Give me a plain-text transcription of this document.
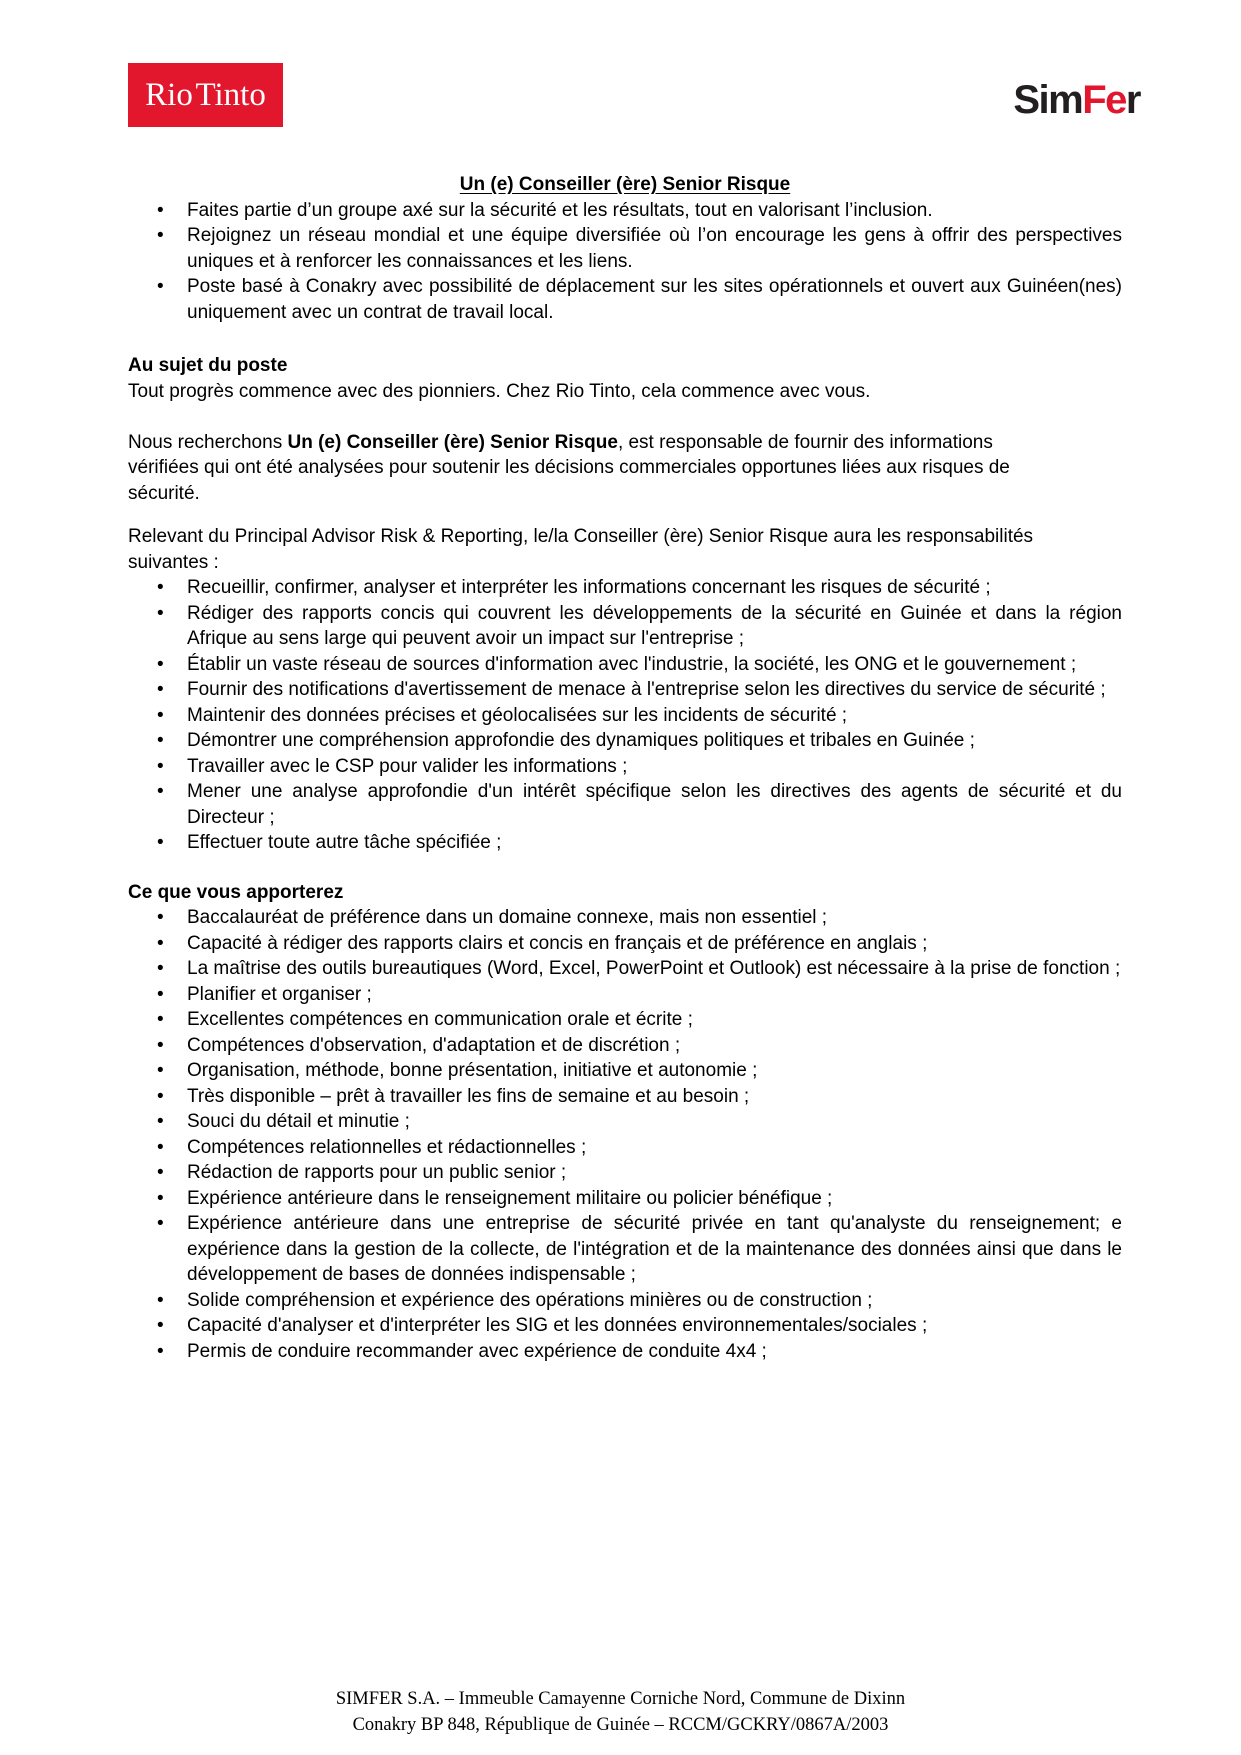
Rio Tinto	SimFer
Un (e) Conseiller (ère) Senior Risque
• Faites partie d’un groupe axé sur la sécurité et les résultats, tout en valorisant l’inclusion.
• Rejoignez un réseau mondial et une équipe diversifiée où l’on encourage les gens à offrir des perspectives uniques et à renforcer les connaissances et les liens.
• Poste basé à Conakry avec possibilité de déplacement sur les sites opérationnels et ouvert aux Guinéen(nes) uniquement avec un contrat de travail local.
Au sujet du poste

Tout progrès commence avec des pionniers. Chez Rio Tinto, cela commence avec vous.

Nous recherchons Un (e) Conseiller (ère) Senior Risque, est responsable de fournir des informations
vérifiées qui ont été analysées pour soutenir les décisions commerciales opportunes liées aux risques de
sécurité.
Relevant du Principal Advisor Risk & Reporting, le/la Conseiller (ère) Senior Risque aura les responsabilités
suivantes :
• Recueillir, confirmer, analyser et interpréter les informations concernant les risques de sécurité ;
• Rédiger des rapports concis qui couvrent les développements de la sécurité en Guinée et dans la région Afrique au sens large qui peuvent avoir un impact sur l'entreprise ;
• Établir un vaste réseau de sources d'information avec l'industrie, la société, les ONG et le gouvernement ;
• Fournir des notifications d'avertissement de menace à l'entreprise selon les directives du service de sécurité ;
• Maintenir des données précises et géolocalisées sur les incidents de sécurité ;
• Démontrer une compréhension approfondie des dynamiques politiques et tribales en Guinée ;
• Travailler avec le CSP pour valider les informations ;
• Mener une analyse approfondie d'un intérêt spécifique selon les directives des agents de sécurité et du Directeur ;
• Effectuer toute autre tâche spécifiée ;
Ce que vous apporterez
• Baccalauréat de préférence dans un domaine connexe, mais non essentiel ;
• Capacité à rédiger des rapports clairs et concis en français et de préférence en anglais ;
• La maîtrise des outils bureautiques (Word, Excel, PowerPoint et Outlook) est nécessaire à la prise de fonction ;
• Planifier et organiser ;
• Excellentes compétences en communication orale et écrite ;
• Compétences d'observation, d'adaptation et de discrétion ;
• Organisation, méthode, bonne présentation, initiative et autonomie ;
• Très disponible – prêt à travailler les fins de semaine et au besoin ;
• Souci du détail et minutie ;
• Compétences relationnelles et rédactionnelles ;
• Rédaction de rapports pour un public senior ;
• Expérience antérieure dans le renseignement militaire ou policier bénéfique ;
• Expérience antérieure dans une entreprise de sécurité privée en tant qu'analyste du renseignement; e expérience dans la gestion de la collecte, de l'intégration et de la maintenance des données ainsi que dans le développement de bases de données indispensable ;
• Solide compréhension et expérience des opérations minières ou de construction ;
• Capacité d'analyser et d'interpréter les SIG et les données environnementales/sociales ;
• Permis de conduire recommander avec expérience de conduite 4x4 ;
SIMFER S.A. – Immeuble Camayenne Corniche Nord, Commune de Dixinn
Conakry BP 848, République de Guinée – RCCM/GCKRY/0867A/2003
